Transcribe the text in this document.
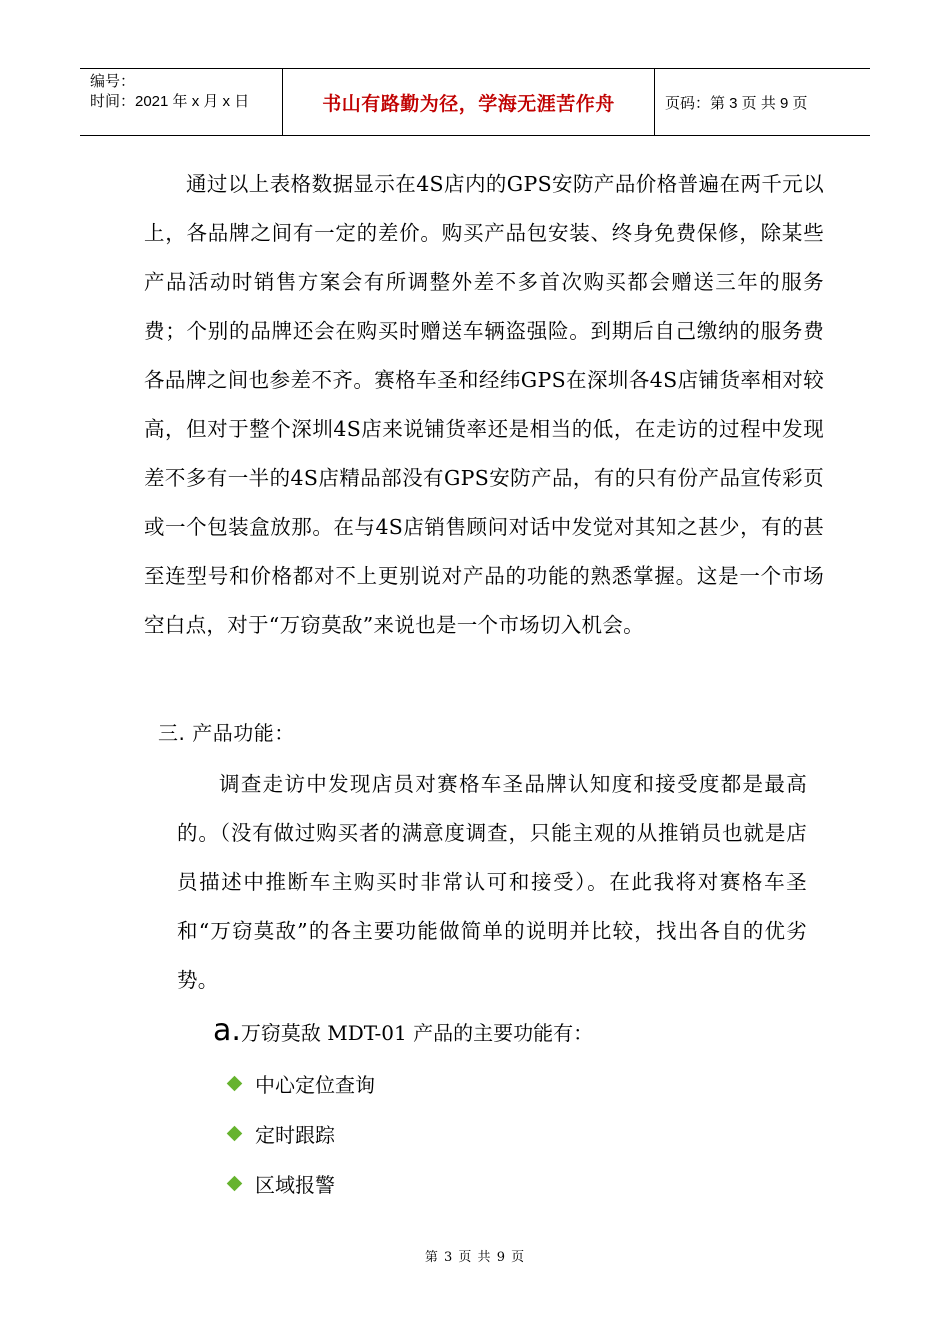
编号：
时间：2021 年 x 月 x 日	书山有路勤为径，学海无涯苦作舟	页码：第 3 页 共 9 页

通过以上表格数据显示在4S店内的GPS安防产品价格普遍在两千元以上，各品牌之间有一定的差价。购买产品包安装、终身免费保修，除某些产品活动时销售方案会有所调整外差不多首次购买都会赠送三年的服务费；个别的品牌还会在购买时赠送车辆盗强险。到期后自己缴纳的服务费各品牌之间也参差不齐。赛格车圣和经纬GPS在深圳各4S店铺货率相对较高，但对于整个深圳4S店来说铺货率还是相当的低，在走访的过程中发现差不多有一半的4S店精品部没有GPS安防产品，有的只有份产品宣传彩页或一个包装盒放那。在与4S店销售顾问对话中发觉对其知之甚少，有的甚至连型号和价格都对不上更别说对产品的功能的熟悉掌握。这是一个市场空白点，对于“万窃莫敌”来说也是一个市场切入机会。

三. 产品功能：

调查走访中发现店员对赛格车圣品牌认知度和接受度都是最高的。（没有做过购买者的满意度调查，只能主观的从推销员也就是店员描述中推断车主购买时非常认可和接受）。在此我将对赛格车圣和“万窃莫敌”的各主要功能做简单的说明并比较，找出各自的优劣势。

a.万窃莫敌 MDT-01 产品的主要功能有：
中心定位查询
定时跟踪
区域报警
第 3 页 共 9 页
